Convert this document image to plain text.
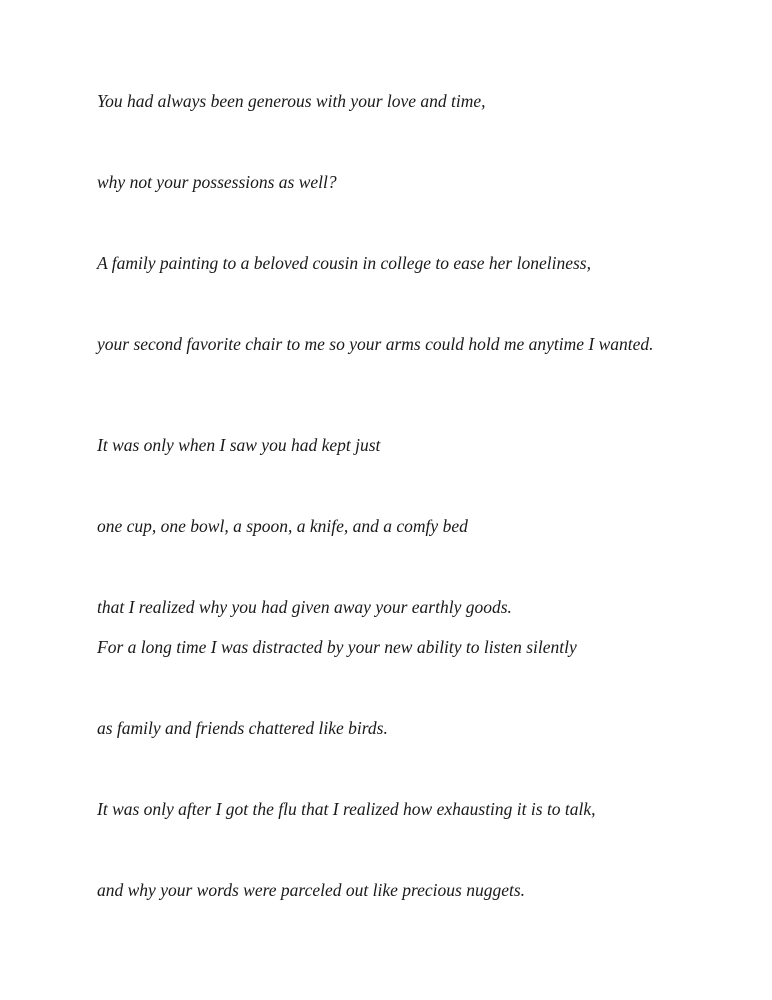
You had always been generous with your love and time,

why not your possessions as well?

A family painting to a beloved cousin in college to ease her loneliness,

your second favorite chair to me so your arms could hold me anytime I wanted.

It was only when I saw you had kept just

one cup, one bowl, a spoon, a knife, and a comfy bed

that I realized why you had given away your earthly goods.

For a long time I was distracted by your new ability to listen silently

as family and friends chattered like birds.

It was only after I got the flu that I realized how exhausting it is to talk,

and why your words were parceled out like precious nuggets.
